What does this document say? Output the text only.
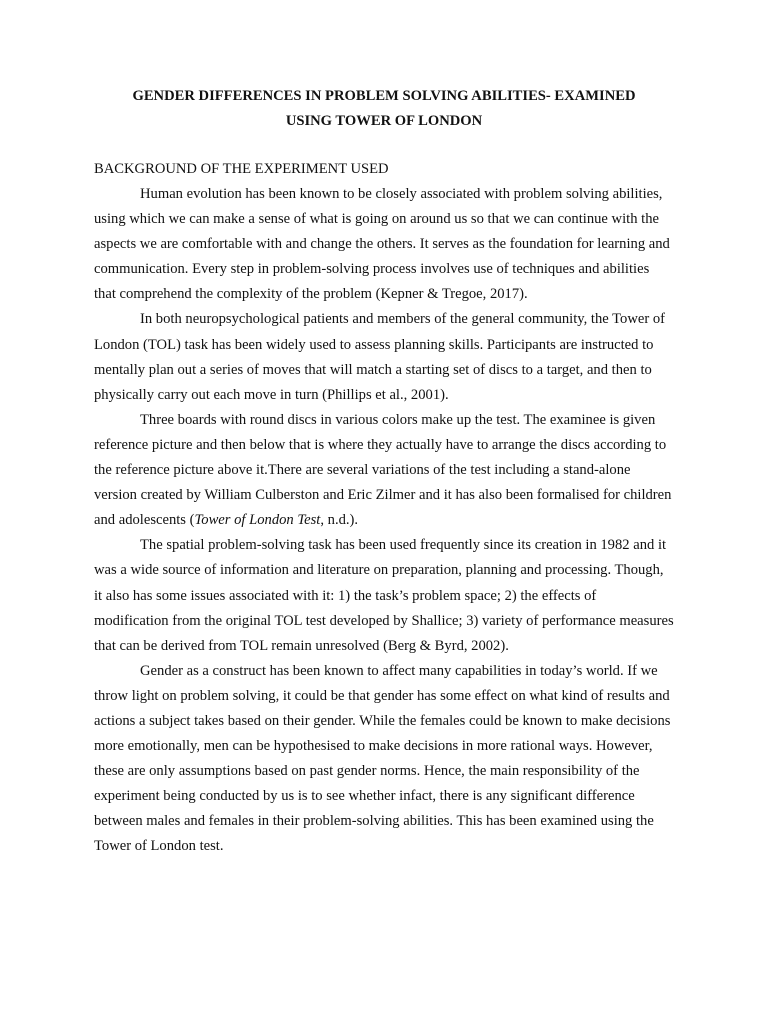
GENDER DIFFERENCES IN PROBLEM SOLVING ABILITIES- EXAMINED
USING TOWER OF LONDON

BACKGROUND OF THE EXPERIMENT USED

Human evolution has been known to be closely associated with problem solving abilities, using which we can make a sense of what is going on around us so that we can continue with the aspects we are comfortable with and change the others. It serves as the foundation for learning and communication. Every step in problem-solving process involves use of techniques and abilities that comprehend the complexity of the problem (Kepner & Tregoe, 2017).

In both neuropsychological patients and members of the general community, the Tower of London (TOL) task has been widely used to assess planning skills. Participants are instructed to mentally plan out a series of moves that will match a starting set of discs to a target, and then to physically carry out each move in turn (Phillips et al., 2001).

Three boards with round discs in various colors make up the test. The examinee is given reference picture and then below that is where they actually have to arrange the discs according to the reference picture above it.There are several variations of the test including a stand-alone version created by William Culberston and Eric Zilmer and it has also been formalised for children and adolescents (Tower of London Test, n.d.).

The spatial problem-solving task has been used frequently since its creation in 1982 and it was a wide source of information and literature on preparation, planning and processing. Though, it also has some issues associated with it: 1) the task’s problem space; 2) the effects of modification from the original TOL test developed by Shallice; 3) variety of performance measures that can be derived from TOL remain unresolved (Berg & Byrd, 2002).

Gender as a construct has been known to affect many capabilities in today’s world. If we throw light on problem solving, it could be that gender has some effect on what kind of results and actions a subject takes based on their gender. While the females could be known to make decisions more emotionally, men can be hypothesised to make decisions in more rational ways. However, these are only assumptions based on past gender norms. Hence, the main responsibility of the experiment being conducted by us is to see whether infact, there is any significant difference between males and females in their problem-solving abilities. This has been examined using the Tower of London test.
